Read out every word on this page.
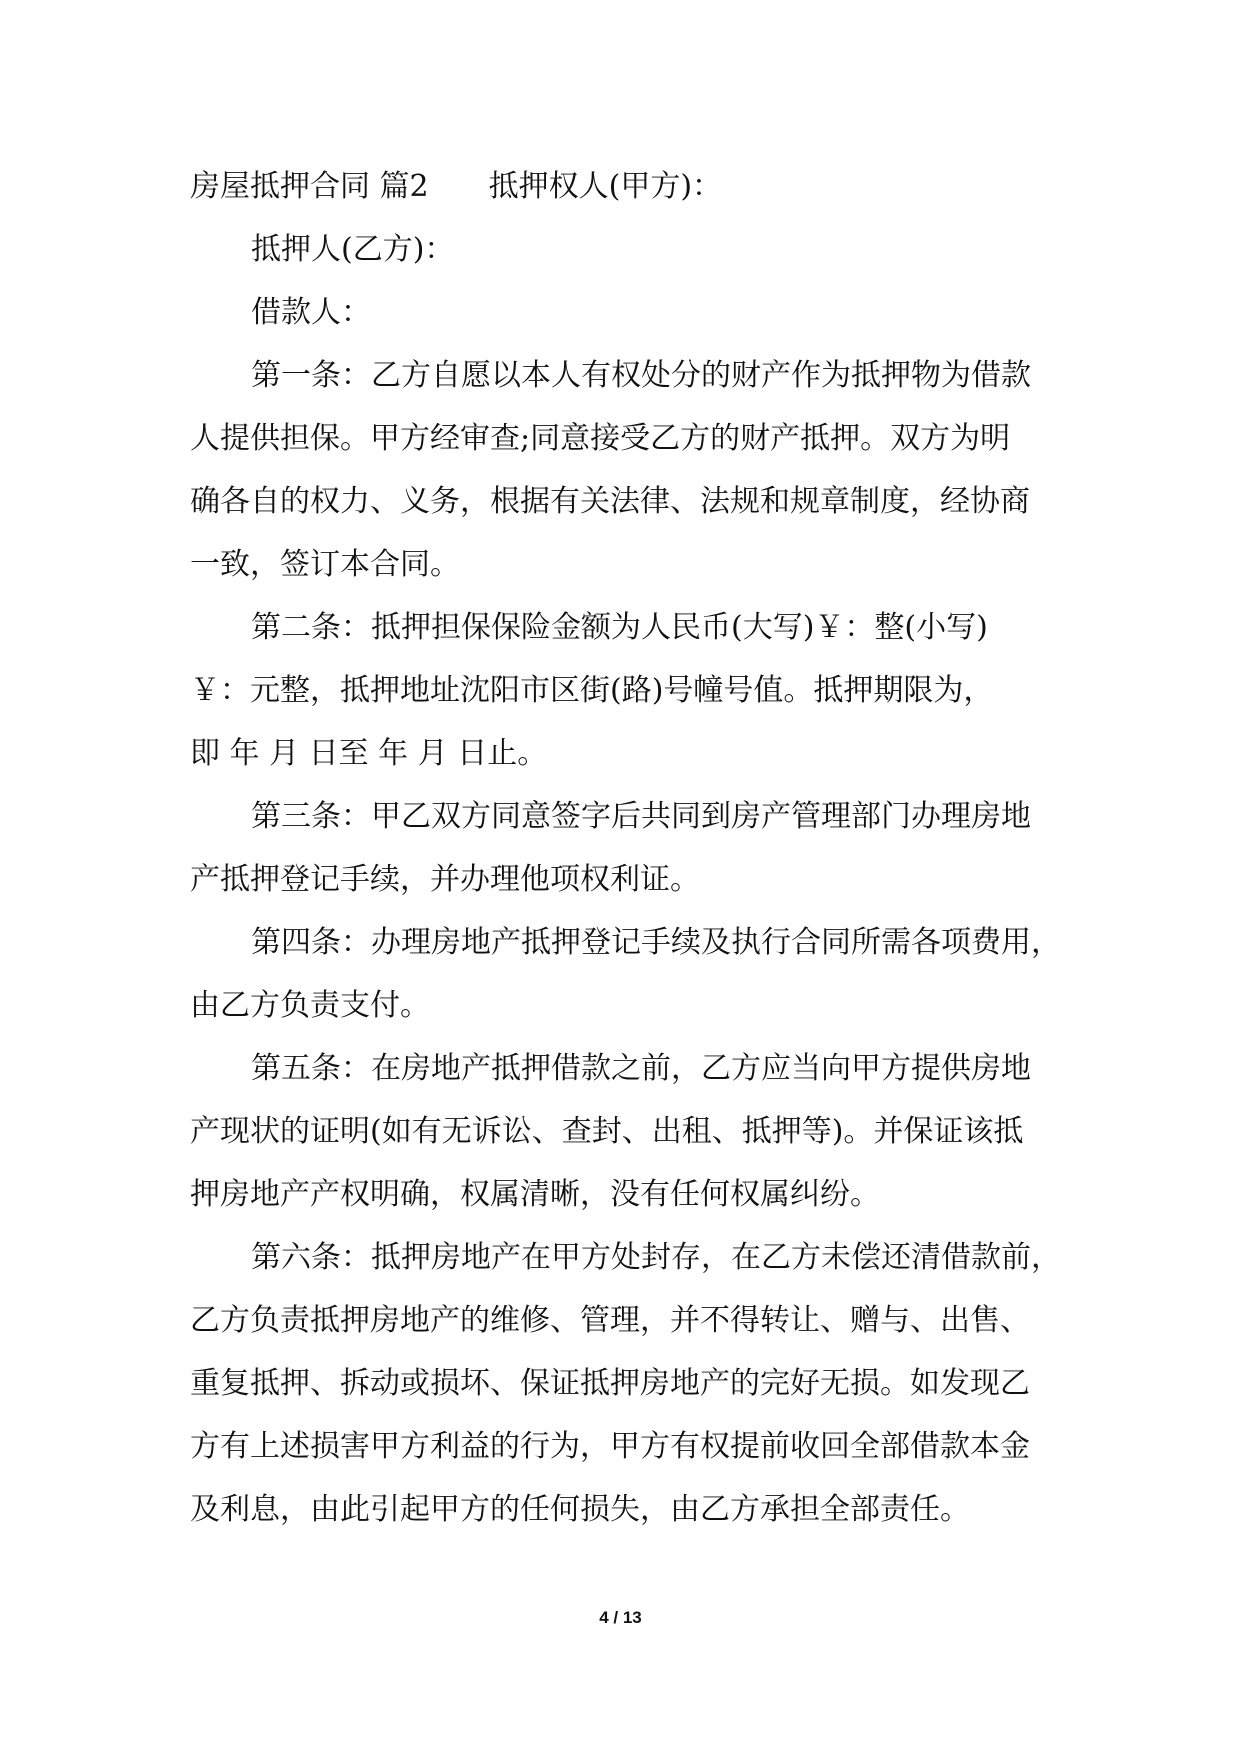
房屋抵押合同 篇2 抵押权人(甲方)：
抵押人(乙方)：
借款人：
第一条：乙方自愿以本人有权处分的财产作为抵押物为借款
人提供担保。甲方经审查;同意接受乙方的财产抵押。双方为明
确各自的权力、义务，根据有关法律、法规和规章制度，经协商
一致，签订本合同。
第二条：抵押担保保险金额为人民币(大写)￥：整(小写)
￥：元整，抵押地址沈阳市区街(路)号幢号值。抵押期限为，
即 年 月 日至 年 月 日止。
第三条：甲乙双方同意签字后共同到房产管理部门办理房地
产抵押登记手续，并办理他项权利证。
第四条：办理房地产抵押登记手续及执行合同所需各项费用，
由乙方负责支付。
第五条：在房地产抵押借款之前，乙方应当向甲方提供房地
产现状的证明(如有无诉讼、查封、出租、抵押等)。并保证该抵
押房地产产权明确，权属清晰，没有任何权属纠纷。
第六条：抵押房地产在甲方处封存，在乙方未偿还清借款前，
乙方负责抵押房地产的维修、管理，并不得转让、赠与、出售、
重复抵押、拆动或损坏、保证抵押房地产的完好无损。如发现乙
方有上述损害甲方利益的行为，甲方有权提前收回全部借款本金
及利息，由此引起甲方的任何损失，由乙方承担全部责任。
4 / 13
